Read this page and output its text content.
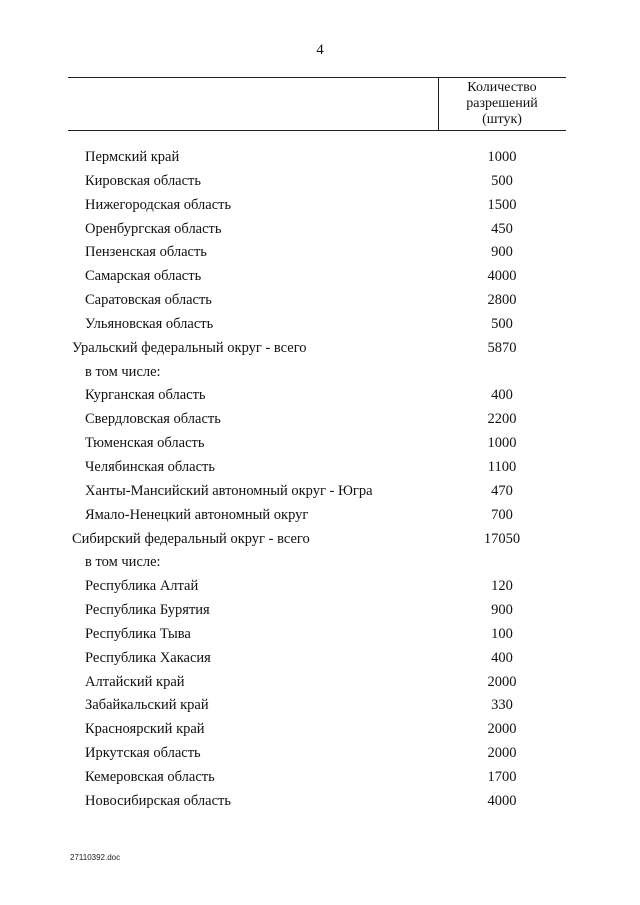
4
Количество
разрешений
(штук)
Пермский край	1000
Кировская область	500
Нижегородская область	1500
Оренбургская область	450
Пензенская область	900
Самарская область	4000
Саратовская область	2800
Ульяновская область	500
Уральский федеральный округ - всего	5870
в том числе:
Курганская область	400
Свердловская область	2200
Тюменская область	1000
Челябинская область	1100
Ханты-Мансийский автономный округ - Югра	470
Ямало-Ненецкий автономный округ	700
Сибирский федеральный округ - всего	17050
в том числе:
Республика Алтай	120
Республика Бурятия	900
Республика Тыва	100
Республика Хакасия	400
Алтайский край	2000
Забайкальский край	330
Красноярский край	2000
Иркутская область	2000
Кемеровская область	1700
Новосибирская область	4000
27110392.doc
